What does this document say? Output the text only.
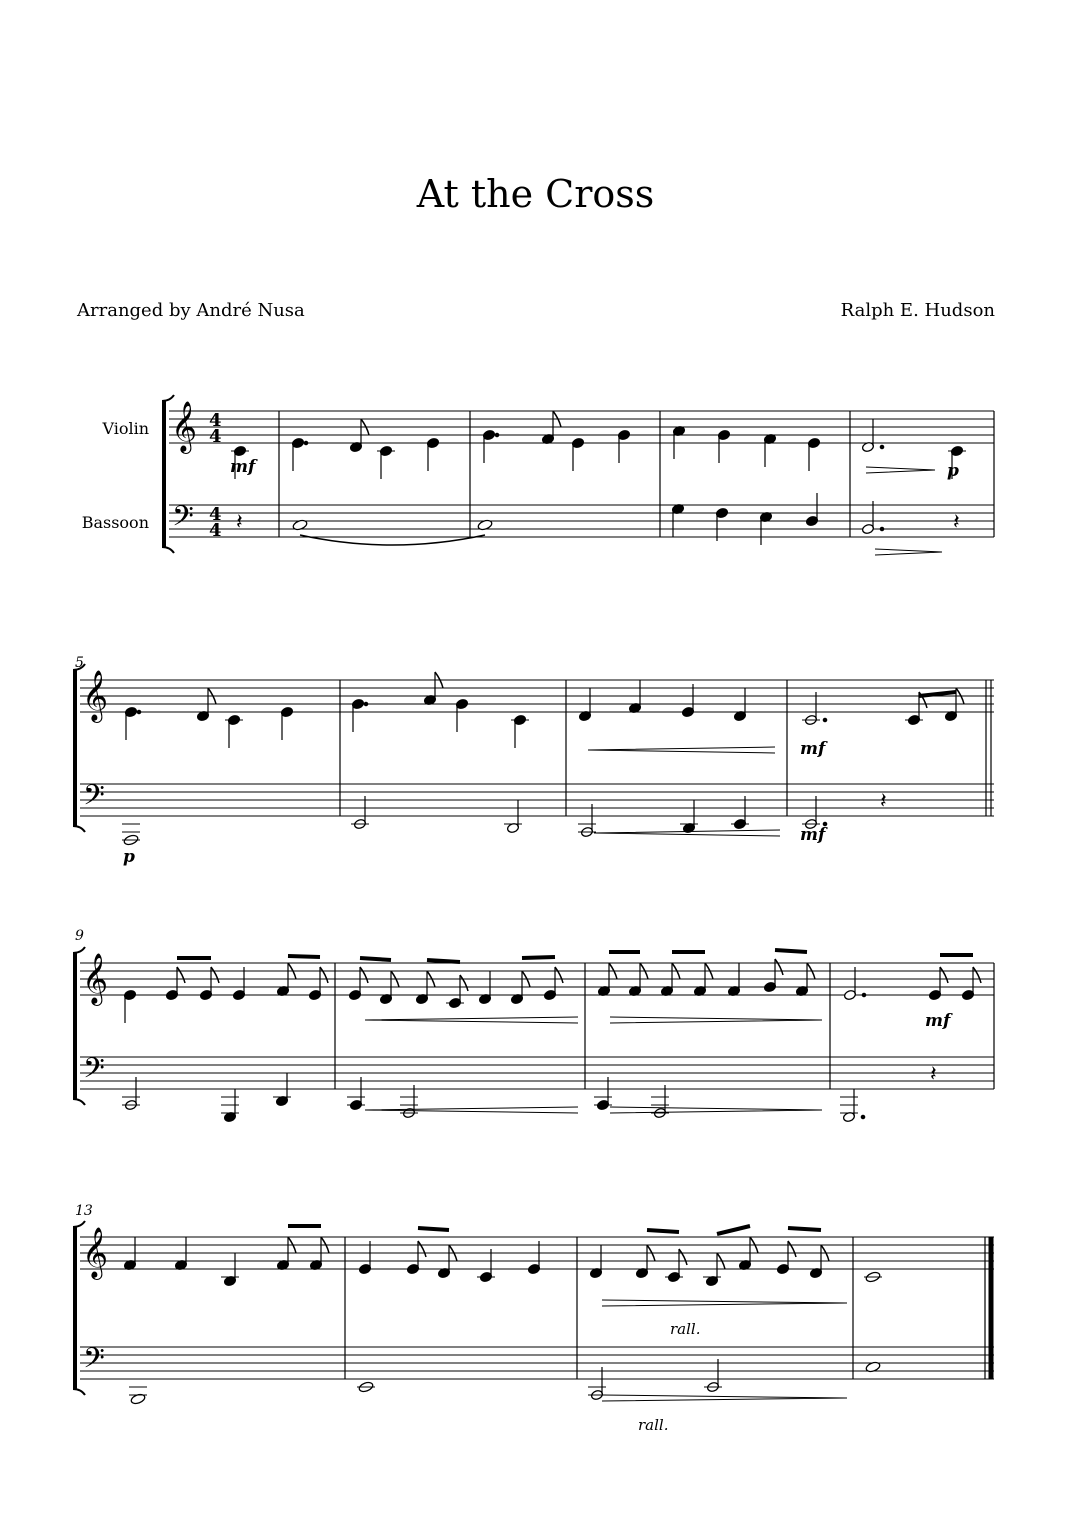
At the Cross
Arranged by André Nusa	Ralph E. Hudson
Violin
Bassoon
5
9
13
𝄞
𝄢
4
4
4
4
mf	p
𝄽	𝄽
𝄞
𝄢
mf
p
𝄽
mf
𝄞
𝄢
mf
𝄽
𝄞
𝄢
rall.
rall.
